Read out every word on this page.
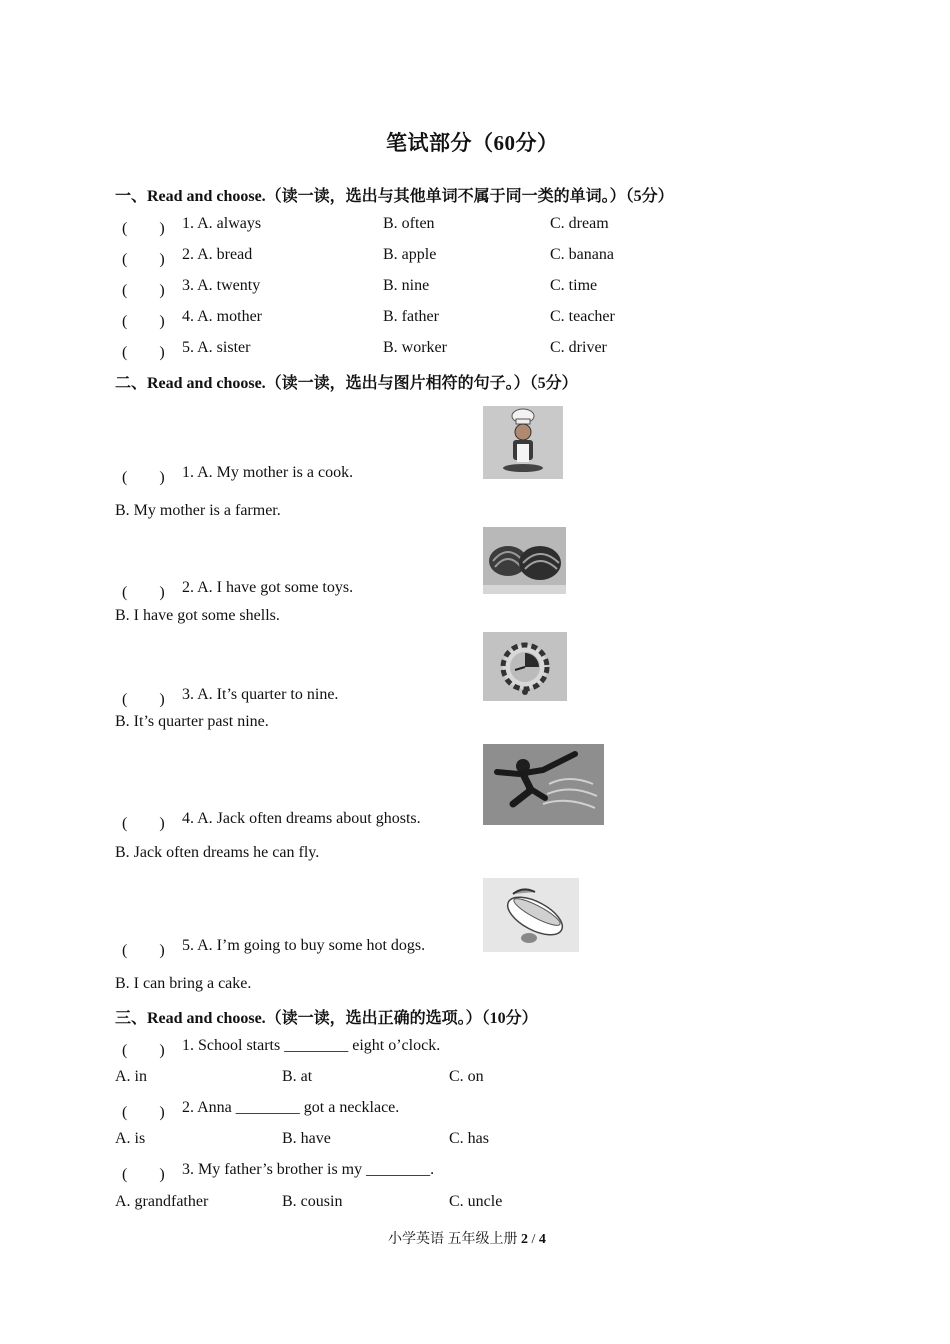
笔试部分（60分）
一、Read and choose.（读一读，选出与其他单词不属于同一类的单词。）（5分）
(　　) 1. A. always	B. often	C. dream
(　　) 2. A. bread	B. apple	C. banana
(　　) 3. A. twenty	B. nine	C. time
(　　) 4. A. mother	B. father	C. teacher
(　　) 5. A. sister	B. worker	C. driver
二、Read and choose.（读一读，选出与图片相符的句子。）（5分）
(　　) 1. A. My mother is a cook.
B. My mother is a farmer.
(　　) 2. A. I have got some toys.
B. I have got some shells.
(　　) 3. A. It’s quarter to nine.
B. It’s quarter past nine.
(　　) 4. A. Jack often dreams about ghosts.
B. Jack often dreams he can fly.
(　　) 5. A. I’m going to buy some hot dogs.
B. I can bring a cake.
三、Read and choose.（读一读，选出正确的选项。）（10分）
(　　) 1. School starts ________ eight o’clock.
A. in	B. at	C. on
(　　) 2. Anna ________ got a necklace.
A. is	B. have	C. has
(　　) 3. My father’s brother is my ________.
A. grandfather	B. cousin	C. uncle
小学英语 五年级上册 2 / 4
